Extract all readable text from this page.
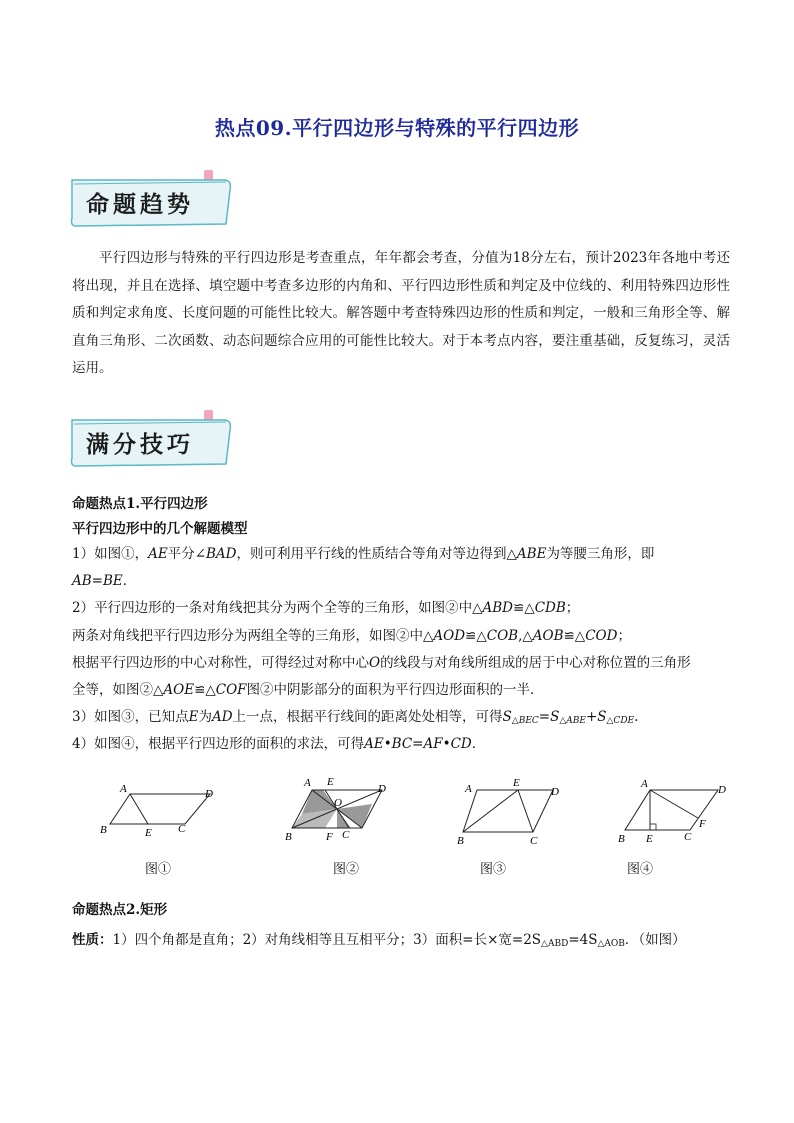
热点09.平行四边形与特殊的平行四边形
命题趋势
平行四边形与特殊的平行四边形是考查重点，年年都会考查，分值为18分左右，预计2023年各地中考还将出现，并且在选择、填空题中考查多边形的内角和、平行四边形性质和判定及中位线的、利用特殊四边形性质和判定求角度、长度问题的可能性比较大。解答题中考查特殊四边形的性质和判定，一般和三角形全等、解直角三角形、二次函数、动态问题综合应用的可能性比较大。对于本考点内容，要注重基础，反复练习，灵活运用。
满分技巧
命题热点1.平行四边形
平行四边形中的几个解题模型
1）如图①，AE平分∠BAD，则可利用平行线的性质结合等角对等边得到△ABE为等腰三角形，即
AB=BE．
2）平行四边形的一条对角线把其分为两个全等的三角形，如图②中△ABD≌△CDB；
两条对角线把平行四边形分为两组全等的三角形，如图②中△AOD≌△COB,△AOB≌△COD；
根据平行四边形的中心对称性，可得经过对称中心O的线段与对角线所组成的居于中心对称位置的三角形
全等，如图②△AOE≌△COF图②中阴影部分的面积为平行四边形面积的一半．
3）如图③，已知点E为AD上一点，根据平行线间的距离处处相等，可得$S_{\triangle BEC}=S_{\triangle ABE}+S_{\triangle CDE}$.
4）如图④，根据平行四边形的面积的求法，可得AE•BC=AF•CD．
A	D
B	E C
A E
D
O
B	F C
A	E
D
B	C
A	D
B E	C
F
图①	图②	图③	图④
命题热点2.矩形
性质：1）四个角都是直角；2）对角线相等且互相平分；3）面积=长×宽$=2S_{\triangle ABD}=4S_{\triangle AOB}$．（如图）
